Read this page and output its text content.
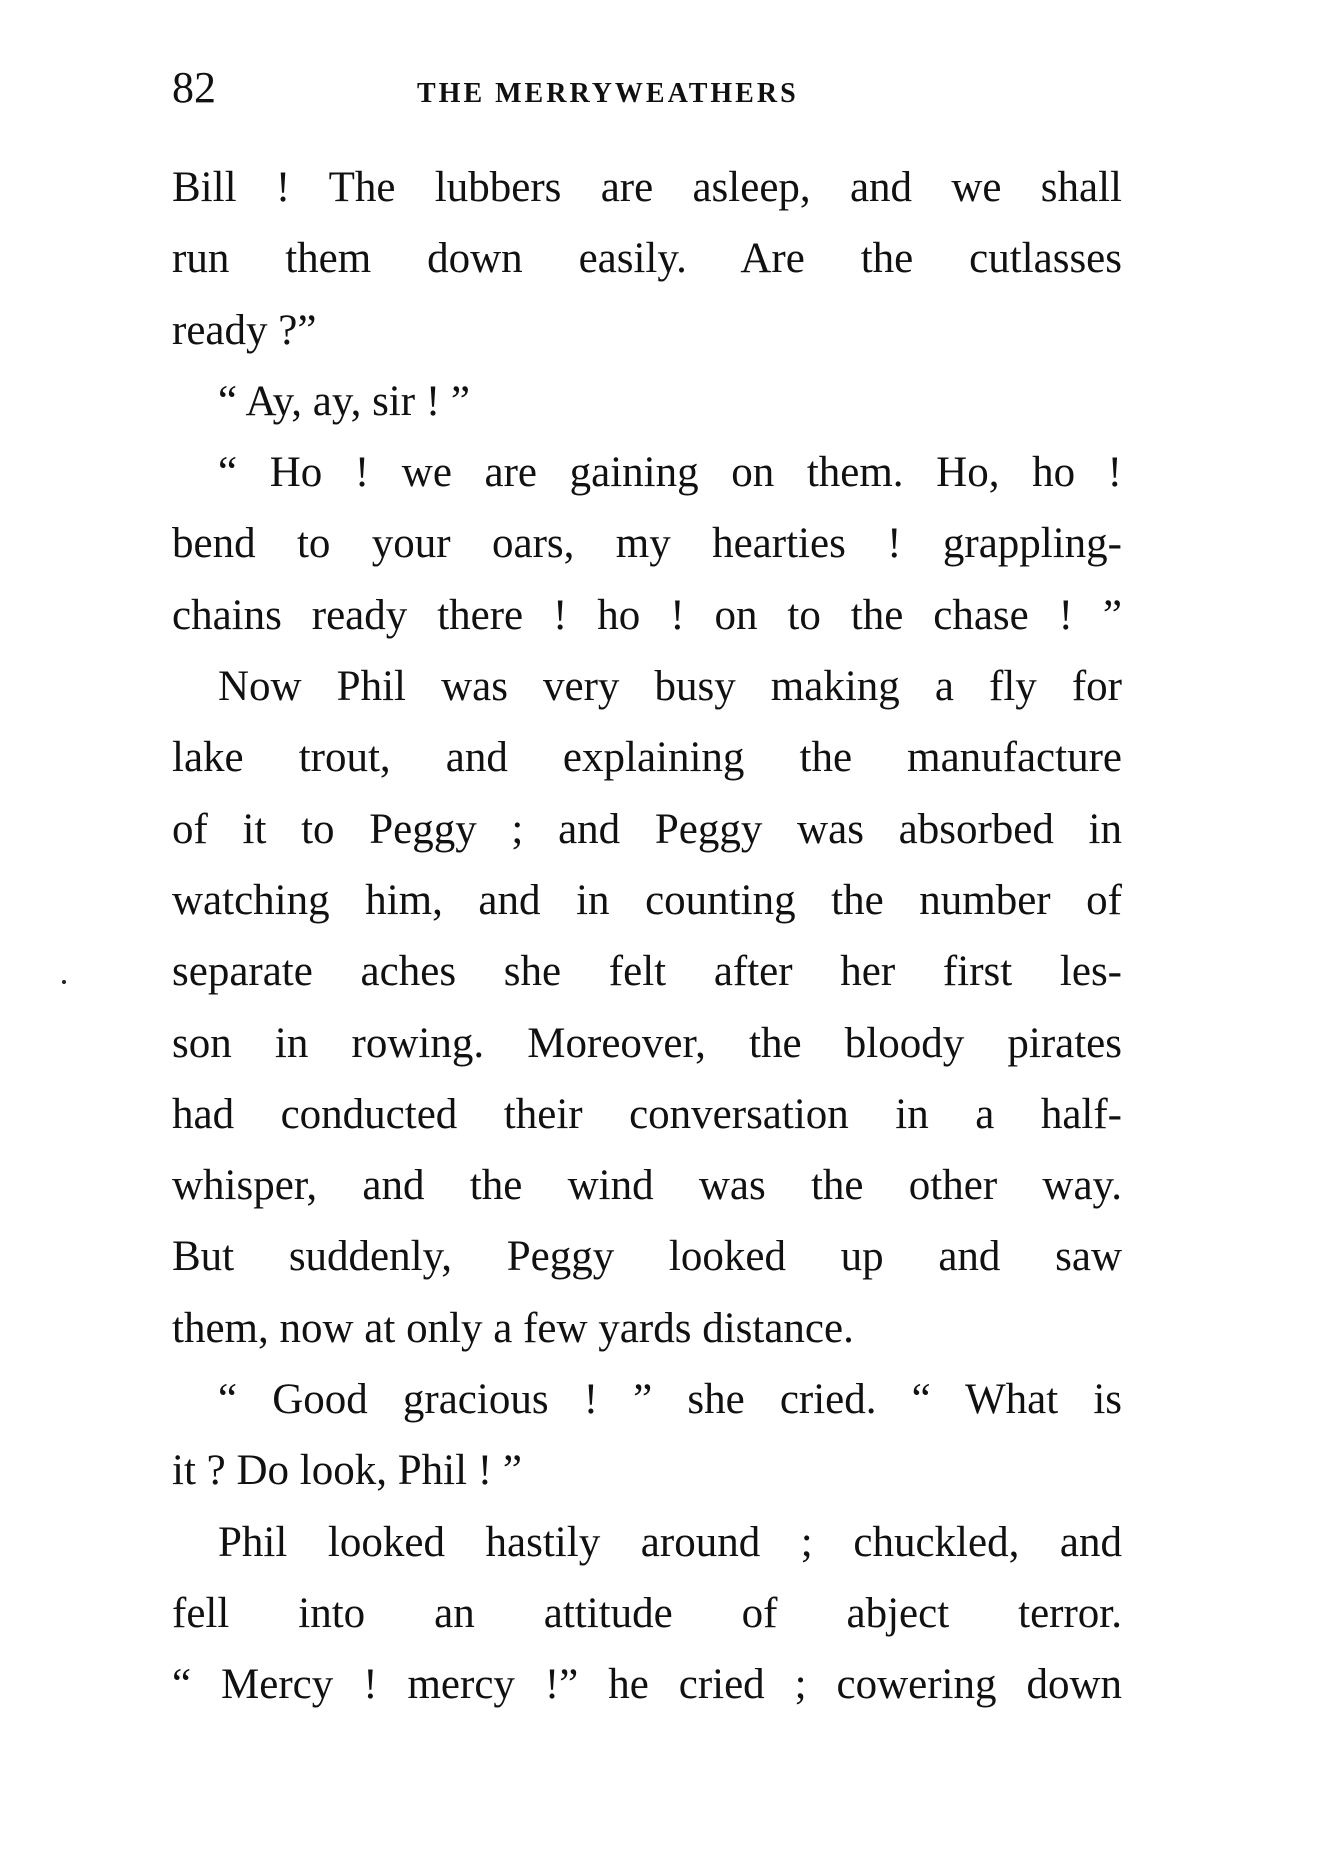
82	THE MERRYWEATHERS
Bill ! The lubbers are asleep, and we shall
run them down easily. Are the cutlasses
ready ?”
“ Ay, ay, sir ! ”
“ Ho ! we are gaining on them. Ho, ho !
bend to your oars, my hearties ! grappling-
chains ready there ! ho ! on to the chase ! ”
Now Phil was very busy making a fly for
lake trout, and explaining the manufacture
of it to Peggy ; and Peggy was absorbed in
watching him, and in counting the number of
separate aches she felt after her first les-
son in rowing. Moreover, the bloody pirates
had conducted their conversation in a half-
whisper, and the wind was the other way.
But suddenly, Peggy looked up and saw
them, now at only a few yards distance.
“ Good gracious ! ” she cried. “ What is
it ? Do look, Phil ! ”
Phil looked hastily around ; chuckled, and
fell into an attitude of abject terror.
“ Mercy ! mercy !” he cried ; cowering down
